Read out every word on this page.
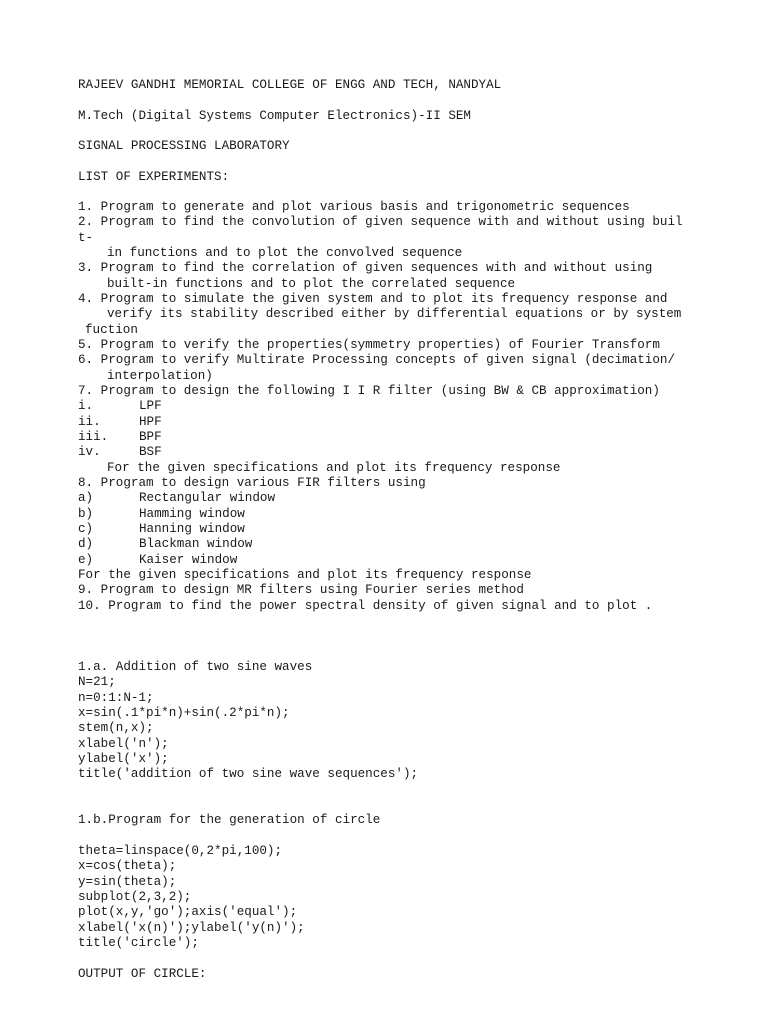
RAJEEV GANDHI MEMORIAL COLLEGE OF ENGG AND TECH, NANDYAL

M.Tech (Digital Systems Computer Electronics)-II SEM

SIGNAL PROCESSING LABORATORY

LIST OF EXPERIMENTS:

1. Program to generate and plot various basis and trigonometric sequences

2. Program to find the convolution of given sequence with and without using buil

t-

in functions and to plot the convolved sequence

3. Program to find the correlation of given sequences with and without using

built-in functions and to plot the correlated sequence

4. Program to simulate the given system and to plot its frequency response and

verify its stability described either by differential equations or by system

fuction

5. Program to verify the properties(symmetry properties) of Fourier Transform

6. Program to verify Multirate Processing concepts of given signal (decimation/

interpolation)

7. Program to design the following I I R filter (using BW & CB approximation)

i.	LPF

ii.	HPF

iii. BPF

iv.	BSF

For the given specifications and plot its frequency response

8. Program to design various FIR filters using

a)	Rectangular window

b)	Hamming window

c)	Hanning window

d)	Blackman window

e)	Kaiser window

For the given specifications and plot its frequency response

9. Program to design MR filters using Fourier series method

10. Program to find the power spectral density of given signal and to plot .

1.a. Addition of two sine waves

N=21;

n=0:1:N-1;

x=sin(.1*pi*n)+sin(.2*pi*n);

stem(n,x);

xlabel('n');

ylabel('x');

title('addition of two sine wave sequences');

1.b.Program for the generation of circle

theta=linspace(0,2*pi,100);

x=cos(theta);

y=sin(theta);

subplot(2,3,2);

plot(x,y,'go');axis('equal');

xlabel('x(n)');ylabel('y(n)');

title('circle');

OUTPUT OF CIRCLE:
